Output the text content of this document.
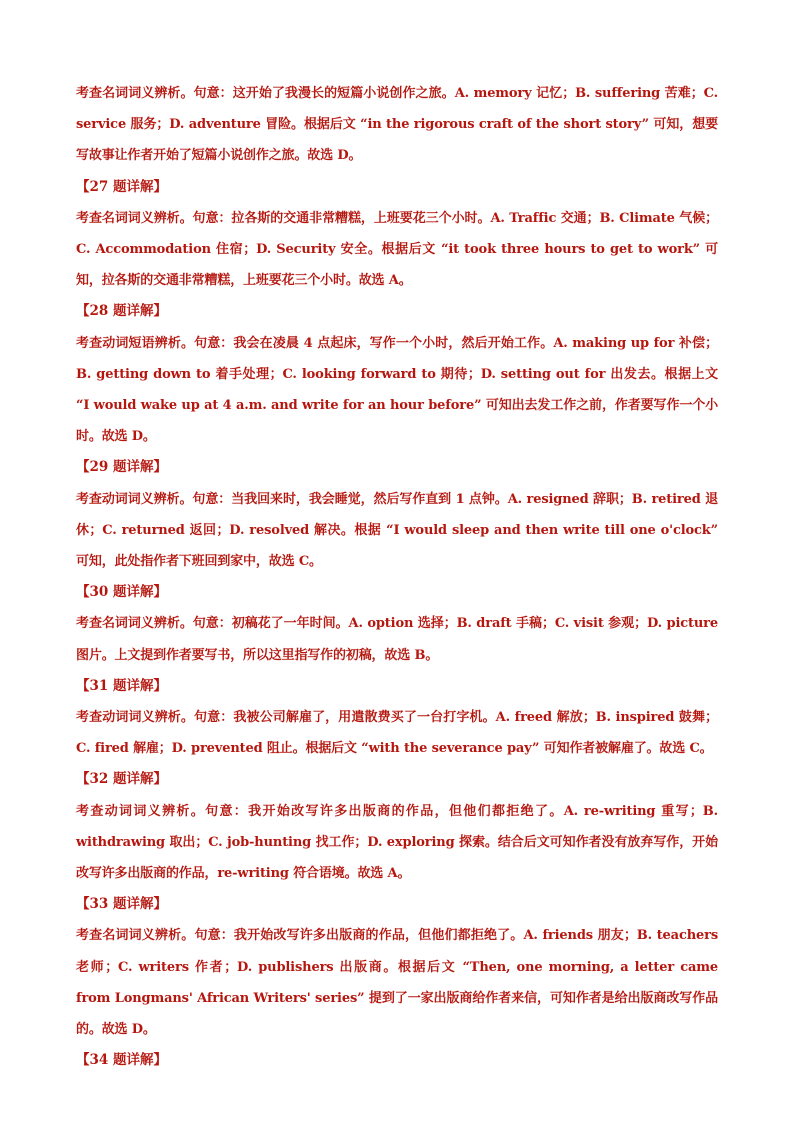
考查名词词义辨析。句意：这开始了我漫长的短篇小说创作之旅。A. memory 记忆；B. suffering 苦难；C. service 服务；D. adventure 冒险。根据后文 “in the rigorous craft of the short story” 可知，想要写故事让作者开始了短篇小说创作之旅。故选 D。

【27 题详解】

考查名词词义辨析。句意：拉各斯的交通非常糟糕，上班要花三个小时。A. Traffic 交通；B. Climate 气候；C. Accommodation 住宿；D. Security 安全。根据后文 “it took three hours to get to work” 可知，拉各斯的交通非常糟糕，上班要花三个小时。故选 A。

【28 题详解】

考查动词短语辨析。句意：我会在凌晨 4 点起床，写作一个小时，然后开始工作。A. making up for 补偿；B. getting down to 着手处理；C. looking forward to 期待；D. setting out for 出发去。根据上文 “I would wake up at 4 a.m. and write for an hour before” 可知出去发工作之前，作者要写作一个小时。故选 D。

【29 题详解】

考查动词词义辨析。句意：当我回来时，我会睡觉，然后写作直到 1 点钟。A. resigned 辞职；B. retired 退休；C. returned 返回；D. resolved 解决。根据 “I would sleep and then write till one o'clock” 可知，此处指作者下班回到家中，故选 C。

【30 题详解】

考查名词词义辨析。句意：初稿花了一年时间。A. option 选择；B. draft 手稿；C. visit 参观；D. picture 图片。上文提到作者要写书，所以这里指写作的初稿，故选 B。

【31 题详解】

考查动词词义辨析。句意：我被公司解雇了，用遣散费买了一台打字机。A. freed 解放；B. inspired 鼓舞；C. fired 解雇；D. prevented 阻止。根据后文 “with the severance pay” 可知作者被解雇了。故选 C。

【32 题详解】

考查动词词义辨析。句意：我开始改写许多出版商的作品，但他们都拒绝了。A. re-writing 重写；B. withdrawing 取出；C. job-hunting 找工作；D. exploring 探索。结合后文可知作者没有放弃写作，开始改写许多出版商的作品，re-writing 符合语境。故选 A。

【33 题详解】

考查名词词义辨析。句意：我开始改写许多出版商的作品，但他们都拒绝了。A. friends 朋友；B. teachers 老师；C. writers 作者；D. publishers 出版商。根据后文 “Then, one morning, a letter came from Longmans' African Writers' series” 提到了一家出版商给作者来信，可知作者是给出版商改写作品的。故选 D。

【34 题详解】
